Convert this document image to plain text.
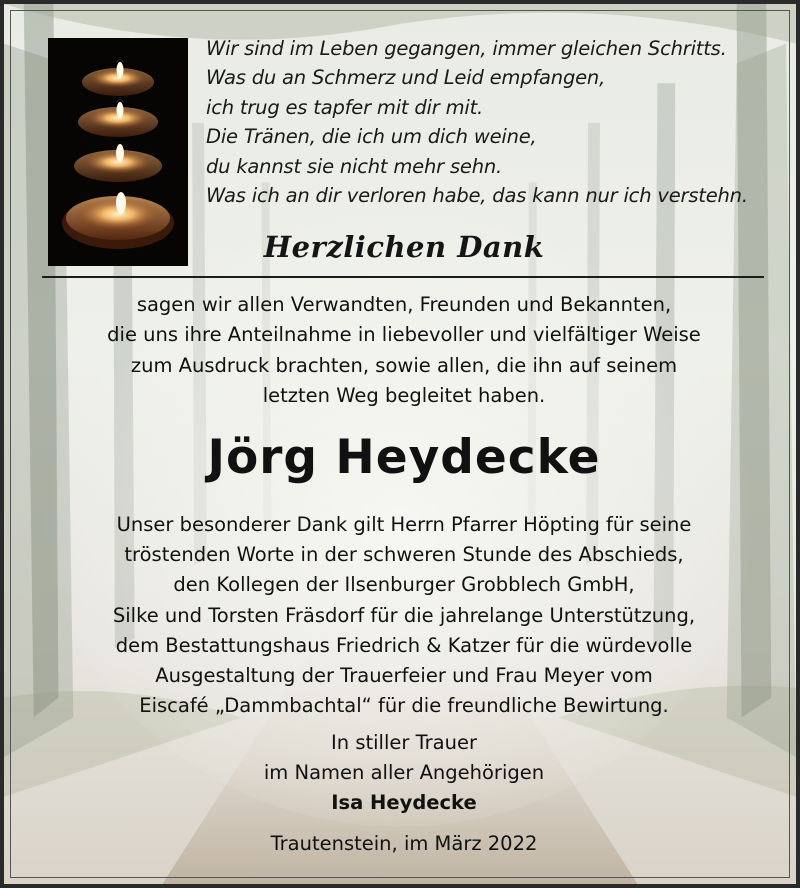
Wir sind im Leben gegangen, immer gleichen Schritts.
Was du an Schmerz und Leid empfangen,
ich trug es tapfer mit dir mit.
Die Tränen, die ich um dich weine,
du kannst sie nicht mehr sehn.
Was ich an dir verloren habe, das kann nur ich verstehn.
Herzlichen Dank
sagen wir allen Verwandten, Freunden und Bekannten,
die uns ihre Anteilnahme in liebevoller und vielfältiger Weise
zum Ausdruck brachten, sowie allen, die ihn auf seinem
letzten Weg begleitet haben.
Jörg Heydecke
Unser besonderer Dank gilt Herrn Pfarrer Höpting für seine
tröstenden Worte in der schweren Stunde des Abschieds,
den Kollegen der Ilsenburger Grobblech GmbH,
Silke und Torsten Fräsdorf für die jahrelange Unterstützung,
dem Bestattungshaus Friedrich & Katzer für die würdevolle
Ausgestaltung der Trauerfeier und Frau Meyer vom
Eiscafé „Dammbachtal“ für die freundliche Bewirtung.
In stiller Trauer
im Namen aller Angehörigen
Isa Heydecke
Trautenstein, im März 2022
